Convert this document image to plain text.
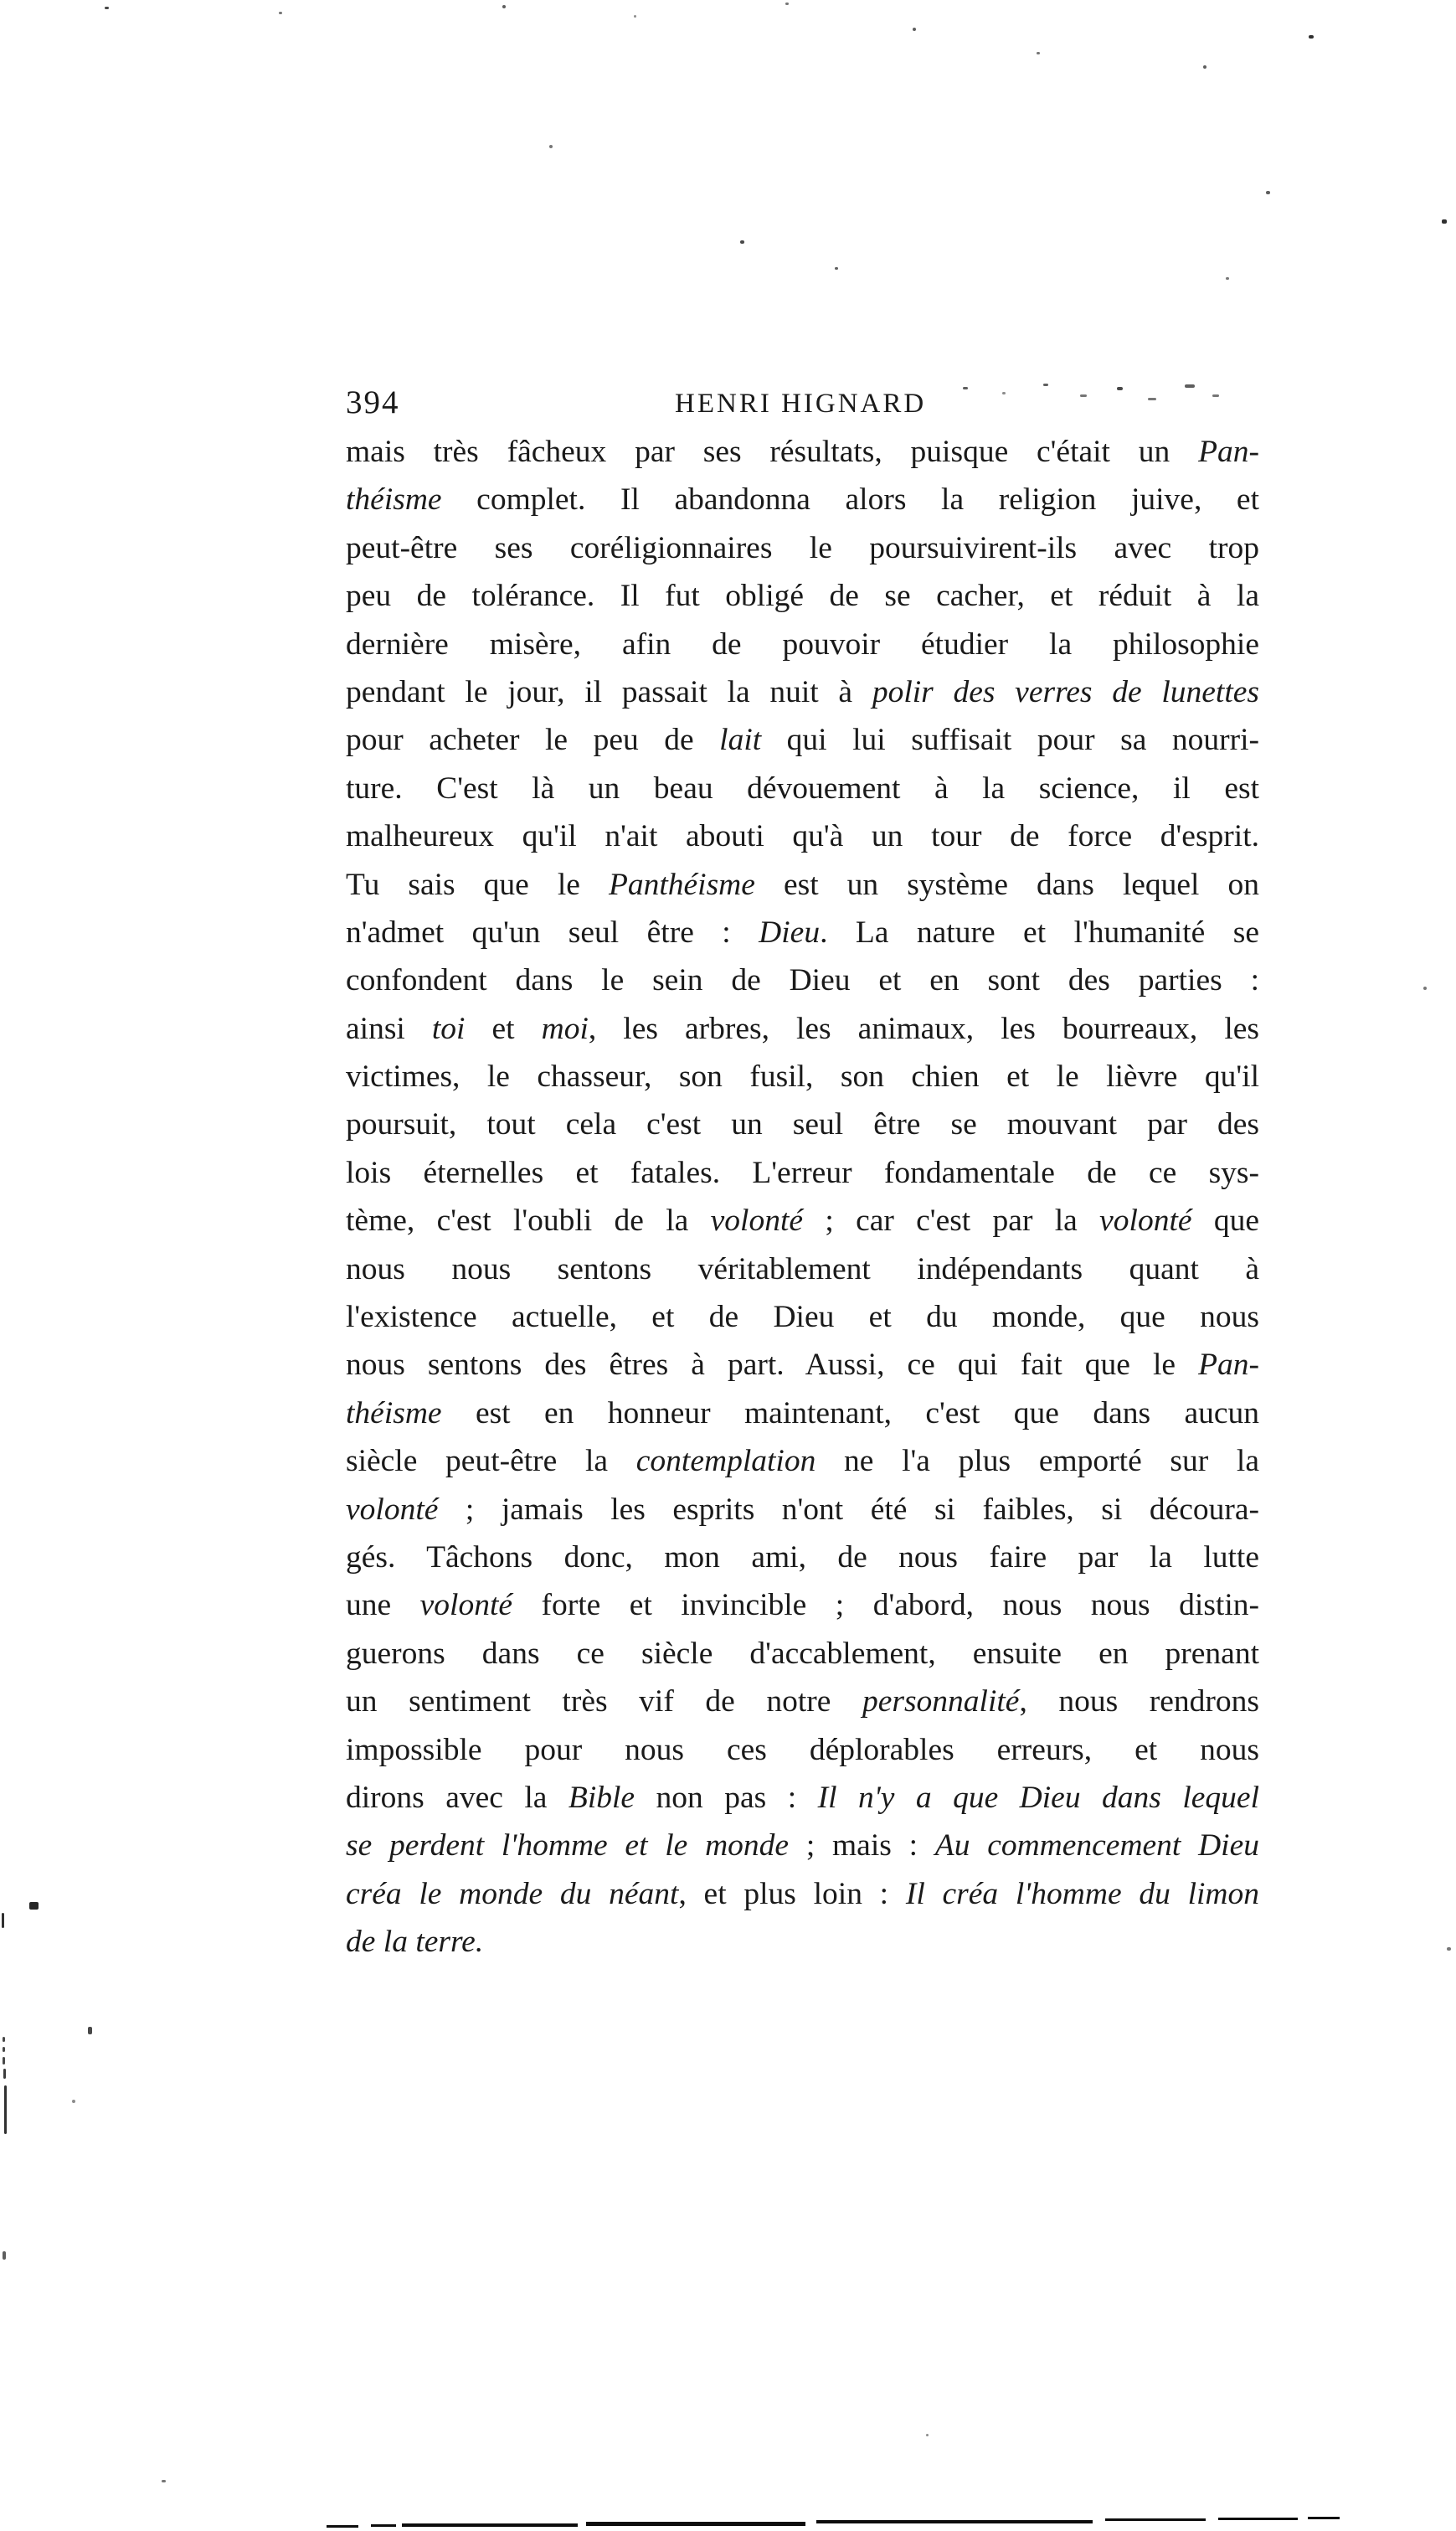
394	HENRI HIGNARD
mais très fâcheux par ses résultats, puisque c'était un Pan-
théisme complet. Il abandonna alors la religion juive, et
peut-être ses coréligionnaires le poursuivirent-ils avec trop
peu de tolérance. Il fut obligé de se cacher, et réduit à la
dernière misère, afin de pouvoir étudier la philosophie
pendant le jour, il passait la nuit à polir des verres de lunettes
pour acheter le peu de lait qui lui suffisait pour sa nourri-
ture. C'est là un beau dévouement à la science, il est
malheureux qu'il n'ait abouti qu'à un tour de force d'esprit.
Tu sais que le Panthéisme est un système dans lequel on
n'admet qu'un seul être : Dieu. La nature et l'humanité se
confondent dans le sein de Dieu et en sont des parties :
ainsi toi et moi, les arbres, les animaux, les bourreaux, les
victimes, le chasseur, son fusil, son chien et le lièvre qu'il
poursuit, tout cela c'est un seul être se mouvant par des
lois éternelles et fatales. L'erreur fondamentale de ce sys-
tème, c'est l'oubli de la volonté ; car c'est par la volonté que
nous nous sentons véritablement indépendants quant à
l'existence actuelle, et de Dieu et du monde, que nous
nous sentons des êtres à part. Aussi, ce qui fait que le Pan-
théisme est en honneur maintenant, c'est que dans aucun
siècle peut-être la contemplation ne l'a plus emporté sur la
volonté ; jamais les esprits n'ont été si faibles, si découra-
gés. Tâchons donc, mon ami, de nous faire par la lutte
une volonté forte et invincible ; d'abord, nous nous distin-
guerons dans ce siècle d'accablement, ensuite en prenant
un sentiment très vif de notre personnalité, nous rendrons
impossible pour nous ces déplorables erreurs, et nous
dirons avec la Bible non pas : Il n'y a que Dieu dans lequel
se perdent l'homme et le monde ; mais : Au commencement Dieu
créa le monde du néant, et plus loin : Il créa l'homme du limon
de la terre.
